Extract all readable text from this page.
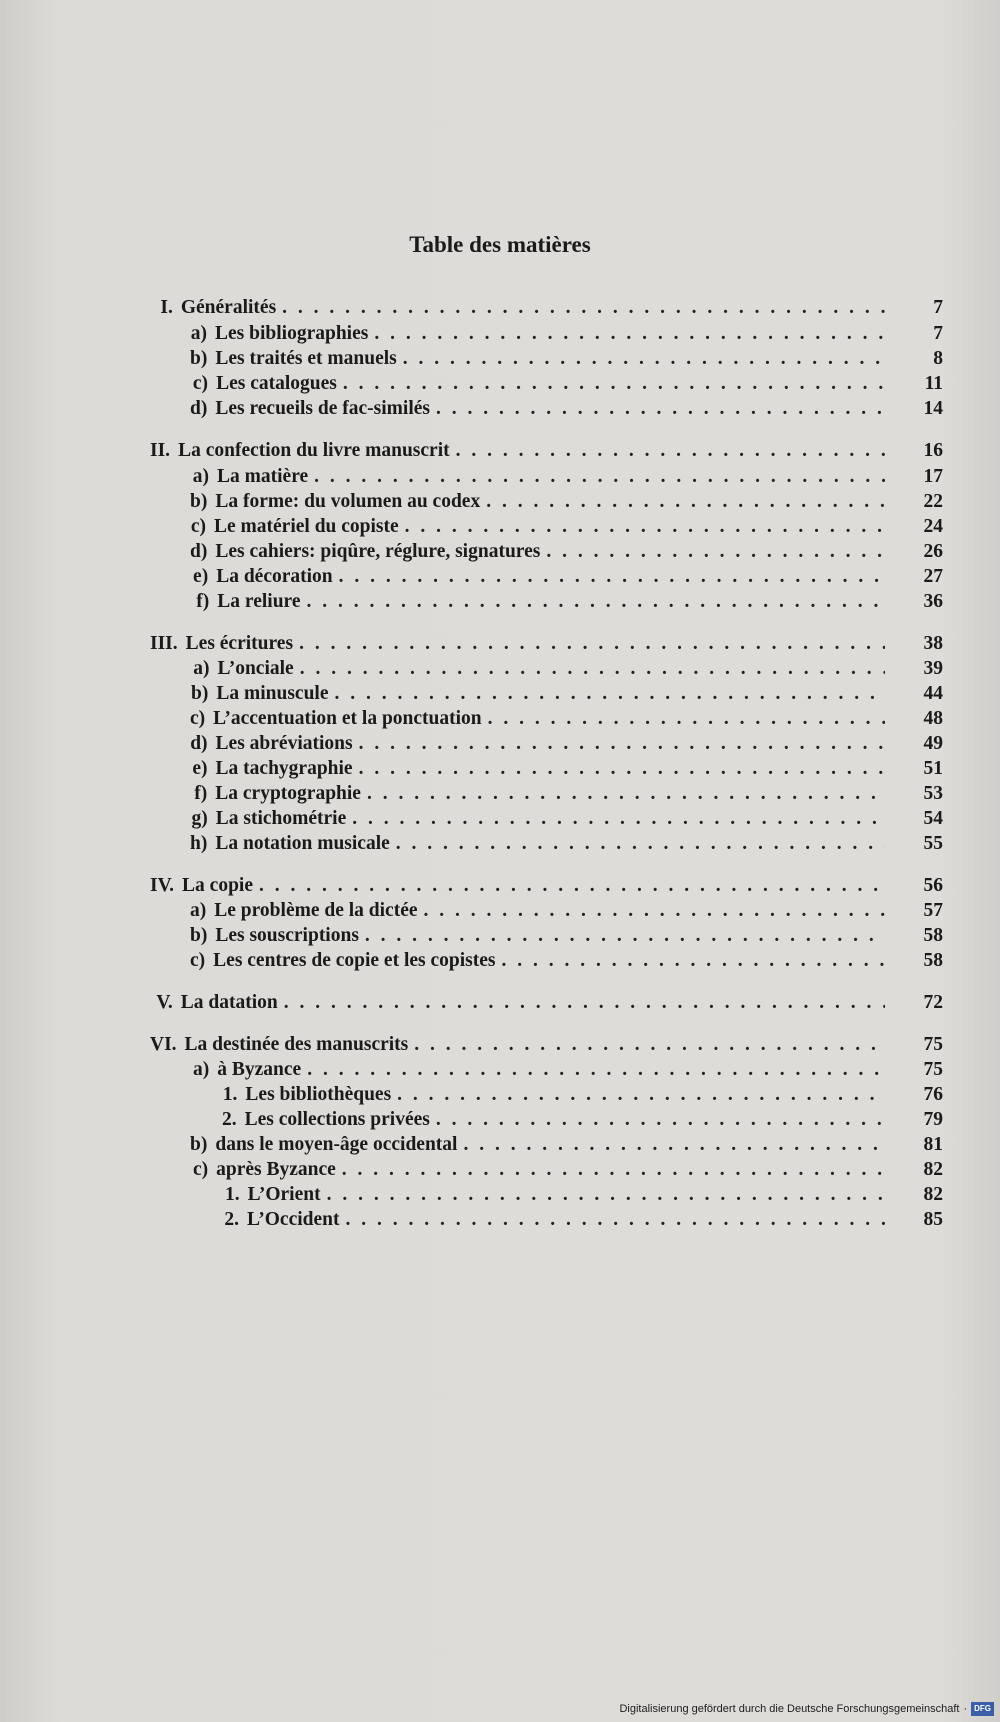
Table des matières
I. Généralités . . .	7
a) Les bibliographies . . .	7
b) Les traités et manuels . . .	8
c) Les catalogues . . .	11
d) Les recueils de fac-similés . . .	14
II. La confection du livre manuscrit . . .	16
a) La matière . . .	17
b) La forme: du volumen au codex . . .	22
c) Le matériel du copiste . . .	24
d) Les cahiers: piqûre, réglure, signatures . . .	26
e) La décoration . . .	27
f) La reliure . . .	36
III. Les écritures . . .	38
a) L’onciale . . .	39
b) La minuscule . . .	44
c) L’accentuation et la ponctuation . . .	48
d) Les abréviations . . .	49
e) La tachygraphie . . .	51
f) La cryptographie . . .	53
g) La stichométrie . . .	54
h) La notation musicale . . .	55
IV. La copie . . .	56
a) Le problème de la dictée . . .	57
b) Les souscriptions . . .	58
c) Les centres de copie et les copistes . . .	58
V. La datation . . .	72
VI. La destinée des manuscrits . . .	75
a) à Byzance . . .	75
1. Les bibliothèques . . .	76
2. Les collections privées . . .	79
b) dans le moyen-âge occidental . . .	81
c) après Byzance . . .	82
1. L’Orient . . .	82
2. L’Occident . . .	85
Digitalisierung gefördert durch die Deutsche Forschungsgemeinschaft · DFG
